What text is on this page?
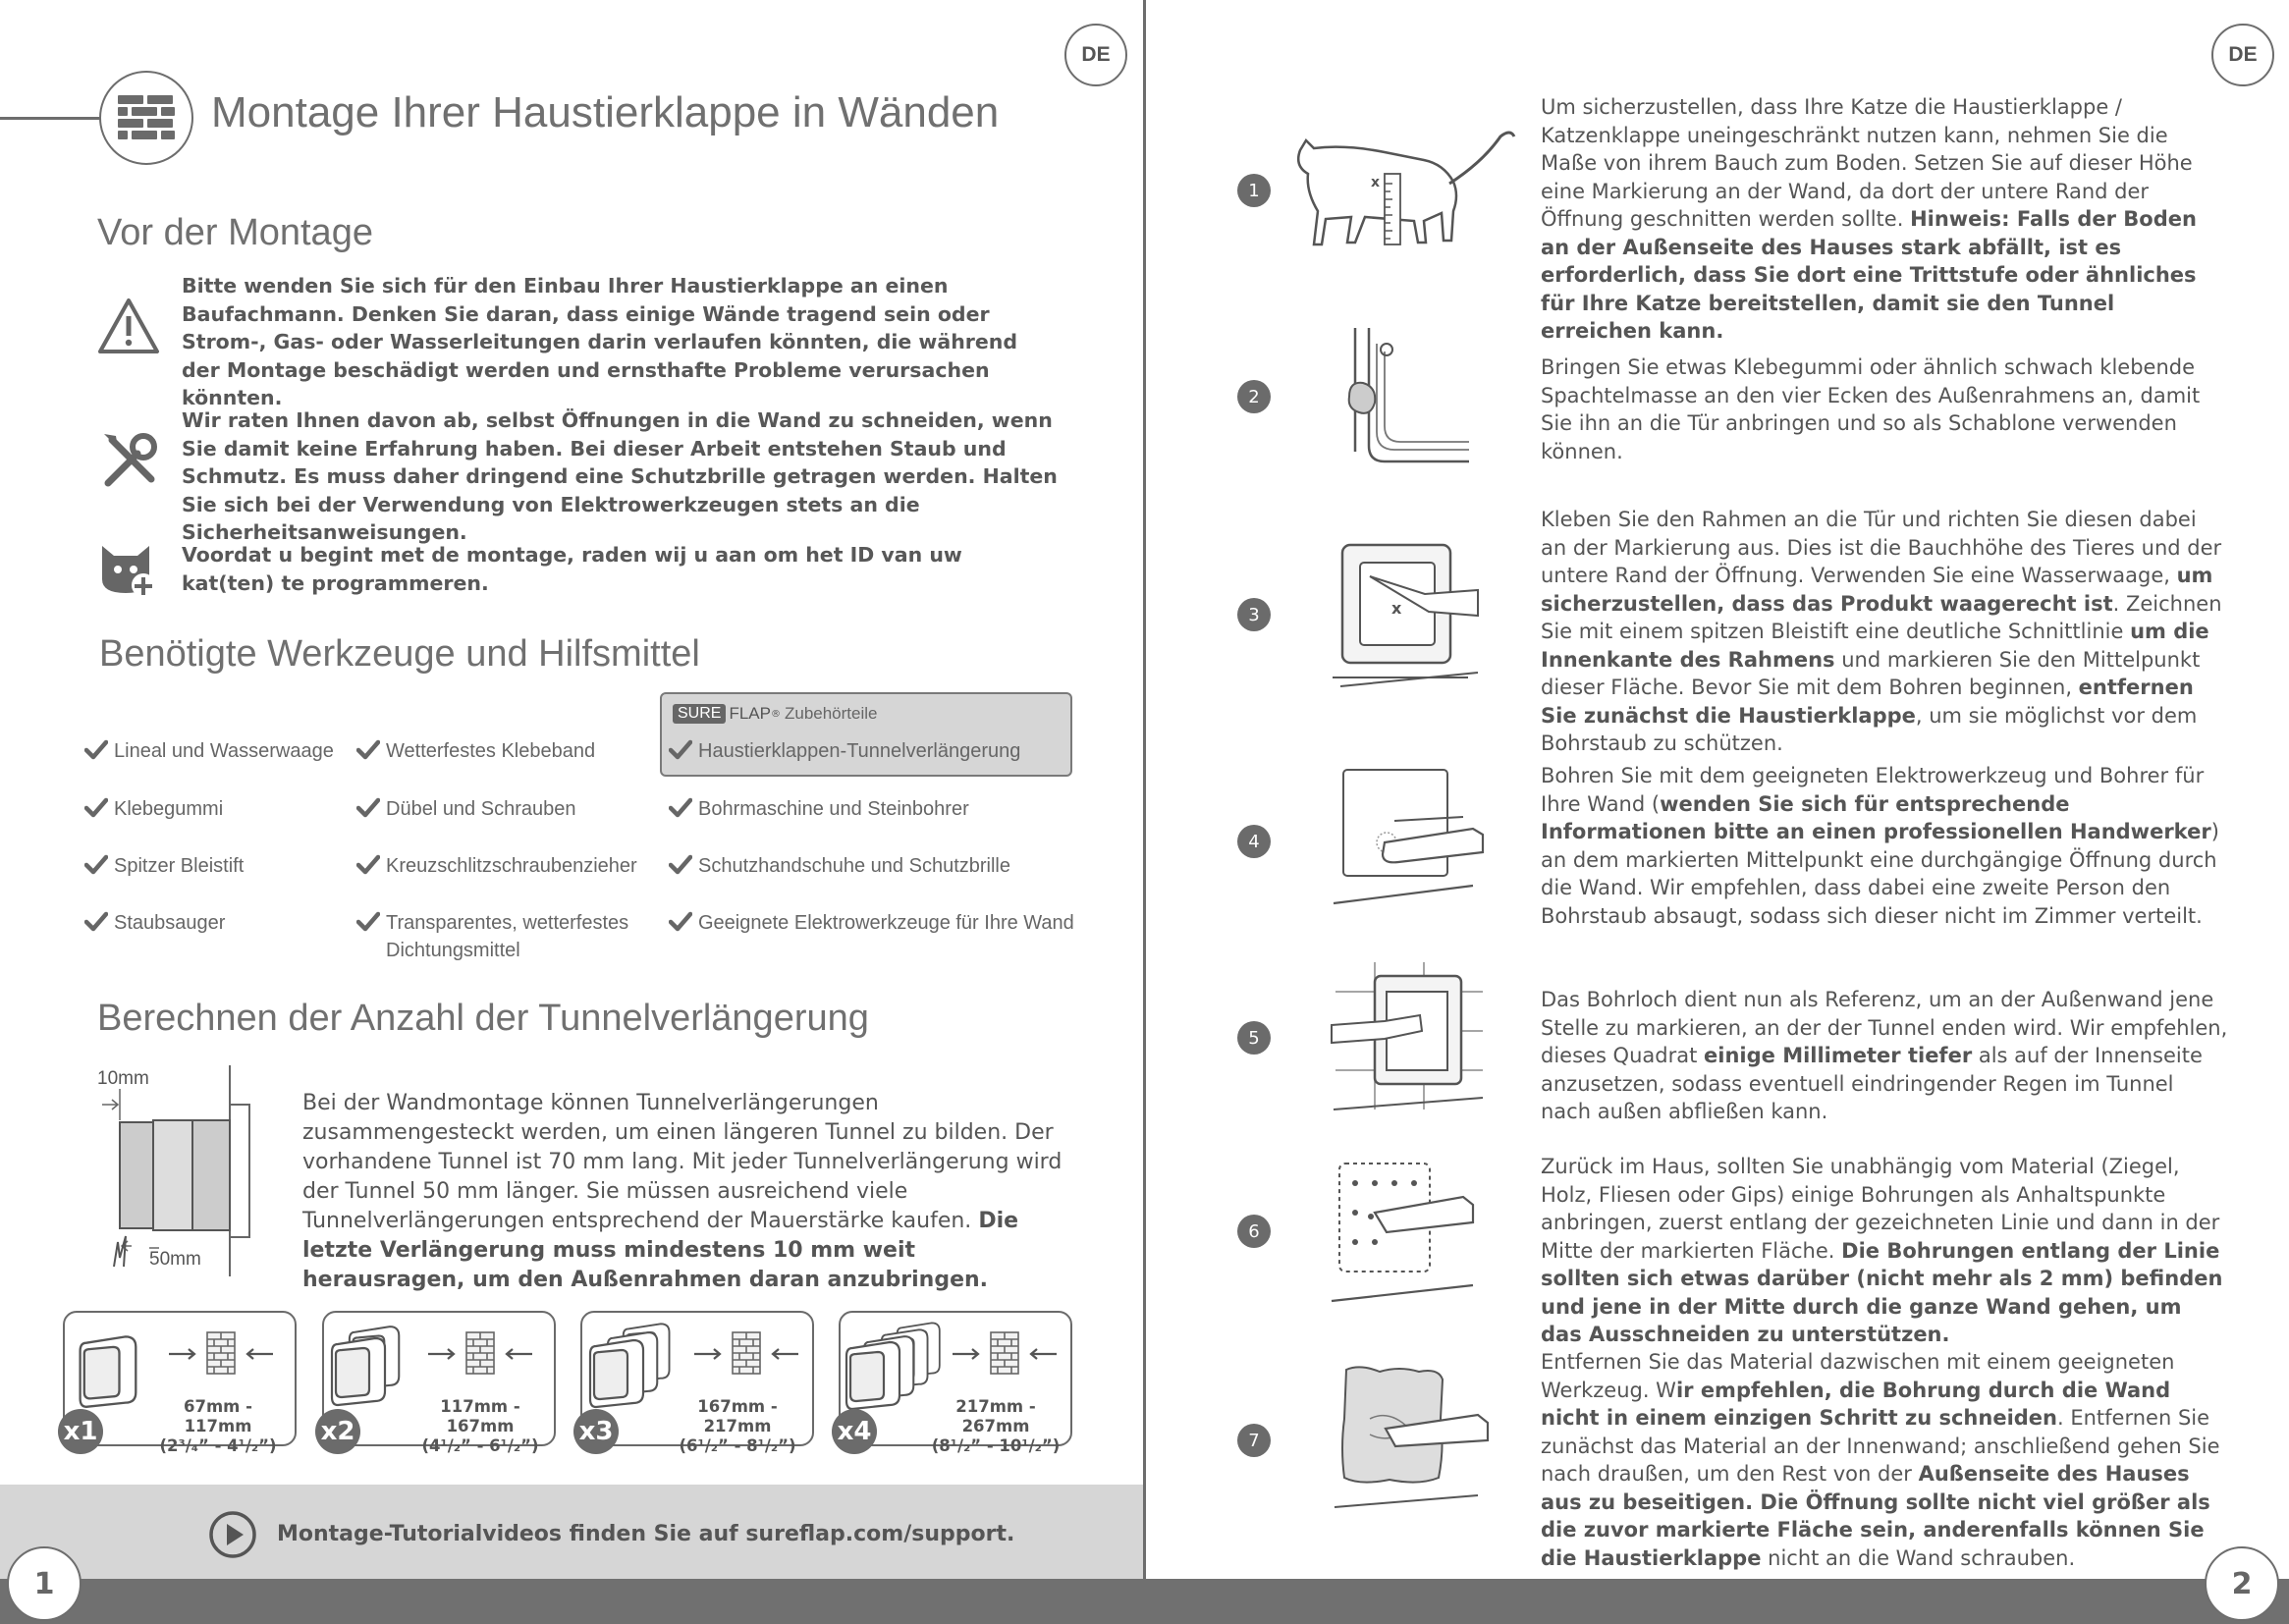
DE
Montage Ihrer Haustierklappe in Wänden
Vor der Montage
Bitte wenden Sie sich für den Einbau Ihrer Haustierklappe an einen Baufachmann. Denken Sie daran, dass einige Wände tragend sein oder Strom-, Gas- oder Wasserleitungen darin verlaufen könnten, die während der Montage beschädigt werden und ernsthafte Probleme verursachen könnten.
Wir raten Ihnen davon ab, selbst Öffnungen in die Wand zu schneiden, wenn Sie damit keine Erfahrung haben. Bei dieser Arbeit entstehen Staub und Schmutz. Es muss daher dringend eine Schutzbrille getragen werden. Halten Sie sich bei der Verwendung von Elektrowerkzeugen stets an die Sicherheitsanweisungen.
Voordat u begint met de montage, raden wij u aan om het ID van uw kat(ten) te programmeren.
Benötigte Werkzeuge und Hilfsmittel
SURE FLAP ® Zubehörteile
Lineal und Wasserwaage
Klebegummi
Spitzer Bleistift
Staubsauger
Wetterfestes Klebeband
Dübel und Schrauben
Kreuzschlitzschraubenzieher
Transparentes, wetterfestes Dichtungsmittel
Haustierklappen-Tunnelverlängerung
Bohrmaschine und Steinbohrer
Schutzhandschuhe und Schutzbrille
Geeignete Elektrowerkzeuge für Ihre Wand
Berechnen der Anzahl der Tunnelverlängerung
10mm
50mm
Bei der Wandmontage können Tunnelverlängerungen zusammengesteckt werden, um einen längeren Tunnel zu bilden. Der vorhandene Tunnel ist 70 mm lang. Mit jeder Tunnelverlängerung wird der Tunnel 50 mm länger. Sie müssen ausreichend viele Tunnelverlängerungen entsprechend der Mauerstärke kaufen. Die letzte Verlängerung muss mindestens 10 mm weit herausragen, um den Außenrahmen daran anzubringen.
67mm - 117mm
(2³/₄” - 4¹/₂”)
x1
117mm - 167mm
(4¹/₂” - 6¹/₂”)
x2
167mm - 217mm
(6¹/₂” - 8¹/₂”)
x3
217mm - 267mm
(8¹/₂” - 10¹/₂”)
x4
Montage-Tutorialvideos finden Sie auf sureflap.com/support.
1
DE
2
1
2
3
4
5
6
7
x
x
Um sicherzustellen, dass Ihre Katze die Haustierklappe / Katzenklappe uneingeschränkt nutzen kann, nehmen Sie die Maße von ihrem Bauch zum Boden. Setzen Sie auf dieser Höhe eine Markierung an der Wand, da dort der untere Rand der Öffnung geschnitten werden sollte. Hinweis: Falls der Boden an der Außenseite des Hauses stark abfällt, ist es erforderlich, dass Sie dort eine Trittstufe oder ähnliches für Ihre Katze bereitstellen, damit sie den Tunnel erreichen kann.
Bringen Sie etwas Klebegummi oder ähnlich schwach klebende Spachtelmasse an den vier Ecken des Außenrahmens an, damit Sie ihn an die Tür anbringen und so als Schablone verwenden können.
Kleben Sie den Rahmen an die Tür und richten Sie diesen dabei an der Markierung aus. Dies ist die Bauchhöhe des Tieres und der untere Rand der Öffnung. Verwenden Sie eine Wasserwaage, um sicherzustellen, dass das Produkt waagerecht ist. Zeichnen Sie mit einem spitzen Bleistift eine deutliche Schnittlinie um die Innenkante des Rahmens und markieren Sie den Mittelpunkt dieser Fläche. Bevor Sie mit dem Bohren beginnen, entfernen Sie zunächst die Haustierklappe, um sie möglichst vor dem Bohrstaub zu schützen.
Bohren Sie mit dem geeigneten Elektrowerkzeug und Bohrer für Ihre Wand (wenden Sie sich für entsprechende Informationen bitte an einen professionellen Handwerker) an dem markierten Mittelpunkt eine durchgängige Öffnung durch die Wand. Wir empfehlen, dass dabei eine zweite Person den Bohrstaub absaugt, sodass sich dieser nicht im Zimmer verteilt.
Das Bohrloch dient nun als Referenz, um an der Außenwand jene Stelle zu markieren, an der der Tunnel enden wird. Wir empfehlen, dieses Quadrat einige Millimeter tiefer als auf der Innenseite anzusetzen, sodass eventuell eindringender Regen im Tunnel nach außen abfließen kann.
Zurück im Haus, sollten Sie unabhängig vom Material (Ziegel, Holz, Fliesen oder Gips) einige Bohrungen als Anhaltspunkte anbringen, zuerst entlang der gezeichneten Linie und dann in der Mitte der markierten Fläche. Die Bohrungen entlang der Linie sollten sich etwas darüber (nicht mehr als 2 mm) befinden und jene in der Mitte durch die ganze Wand gehen, um das Ausschneiden zu unterstützen.
Entfernen Sie das Material dazwischen mit einem geeigneten Werkzeug. Wir empfehlen, die Bohrung durch die Wand nicht in einem einzigen Schritt zu schneiden. Entfernen Sie zunächst das Material an der Innenwand; anschließend gehen Sie nach draußen, um den Rest von der Außenseite des Hauses aus zu beseitigen. Die Öffnung sollte nicht viel größer als die zuvor markierte Fläche sein, anderenfalls können Sie die Haustierklappe nicht an die Wand schrauben.
